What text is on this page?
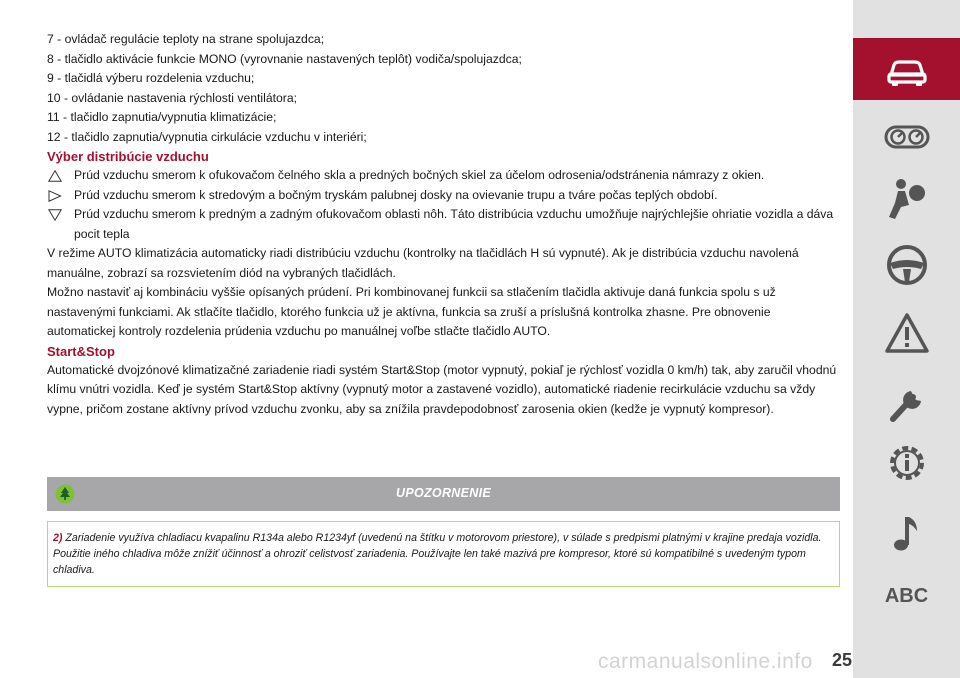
7 - ovládač regulácie teploty na strane spolujazdca;

8 - tlačidlo aktivácie funkcie MONO (vyrovnanie nastavených teplôt) vodiča/spolujazdca;

9 - tlačidlá výberu rozdelenia vzduchu;

10 - ovládanie nastavenia rýchlosti ventilátora;

11 - tlačidlo zapnutia/vypnutia klimatizácie;

12 - tlačidlo zapnutia/vypnutia cirkulácie vzduchu v interiéri;

Výber distribúcie vzduchu

Prúd vzduchu smerom k ofukovačom čelného skla a predných bočných skiel za účelom odrosenia/odstránenia námrazy z okien.

Prúd vzduchu smerom k stredovým a bočným tryskám palubnej dosky na ovievanie trupu a tváre počas teplých období.

Prúd vzduchu smerom k predným a zadným ofukovačom oblasti nôh. Táto distribúcia vzduchu umožňuje najrýchlejšie ohriatie vozidla a dáva pocit tepla

V režime AUTO klimatizácia automaticky riadi distribúciu vzduchu (kontrolky na tlačidlách H sú vypnuté). Ak je distribúcia vzduchu navolená manuálne, zobrazí sa rozsvietením diód na vybraných tlačidlách.

Možno nastaviť aj kombináciu vyššie opísaných prúdení. Pri kombinovanej funkcii sa stlačením tlačidla aktivuje daná funkcia spolu s už nastavenými funkciami. Ak stlačíte tlačidlo, ktorého funkcia už je aktívna, funkcia sa zruší a príslušná kontrolka zhasne. Pre obnovenie automatickej kontroly rozdelenia prúdenia vzduchu po manuálnej voľbe stlačte tlačidlo AUTO.

Start&Stop

Automatické dvojzónové klimatizačné zariadenie riadi systém Start&Stop (motor vypnutý, pokiaľ je rýchlosť vozidla 0 km/h) tak, aby zaručil vhodnú klímu vnútri vozidla. Keď je systém Start&Stop aktívny (vypnutý motor a zastavené vozidlo), automatické riadenie recirkulácie vzduchu sa vždy vypne, pričom zostane aktívny prívod vzduchu zvonku, aby sa znížila pravdepodobnosť zarosenia okien (kedže je vypnutý kompresor).

UPOZORNENIE
2) Zariadenie využíva chladiacu kvapalinu R134a alebo R1234yf (uvedenú na štítku v motorovom priestore), v súlade s predpismi platnými v krajine predaja vozidla. Použitie iného chladiva môže znížiť účinnosť a ohroziť celistvosť zariadenia. Používajte len také mazivá pre kompresor, ktoré sú kompatibilné s uvedeným typom chladiva.
ABC
25
carmanualsonline.info
